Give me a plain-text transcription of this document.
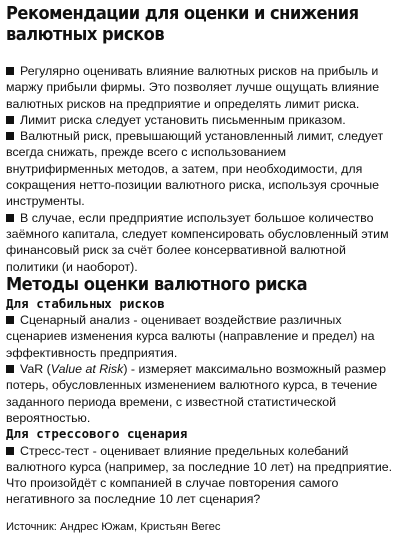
Рекомендации для оценки и снижения валютных рисков

Регулярно оценивать влияние валютных рисков на прибыль и маржу прибыли фирмы. Это позволяет лучше ощущать влияние валютных рисков на предприятие и определять лимит риска.

Лимит риска следует установить письменным приказом.

Валютный риск, превышающий установленный лимит, следует всегда снижать, прежде всего с использованием внутрифирменных методов, а затем, при необходимости, для сокращения нетто-позиции валютного риска, используя срочные инструменты.

В случае, если предприятие использует большое количество заёмного капитала, следует компенсировать обусловленный этим финансовый риск за счёт более консервативной валютной политики (и наоборот).

Методы оценки валютного риска

Для стабильных рисков

Сценарный анализ - оценивает воздействие различных сценариев изменения курса валюты (направление и предел) на эффективность предприятия.

VaR (Value at Risk) - измеряет максимально возможный размер потерь, обусловленных изменением валютного курса, в течение заданного периода времени, с известной статистической вероятностью.

Для стрессового сценария

Стресс-тест - оценивает влияние предельных колебаний валютного курса (например, за последние 10 лет) на предприятие. Что произойдёт с компанией в случае повторения самого негативного за последние 10 лет сценария?

Источник: Андрес Южам, Кристьян Вегес
